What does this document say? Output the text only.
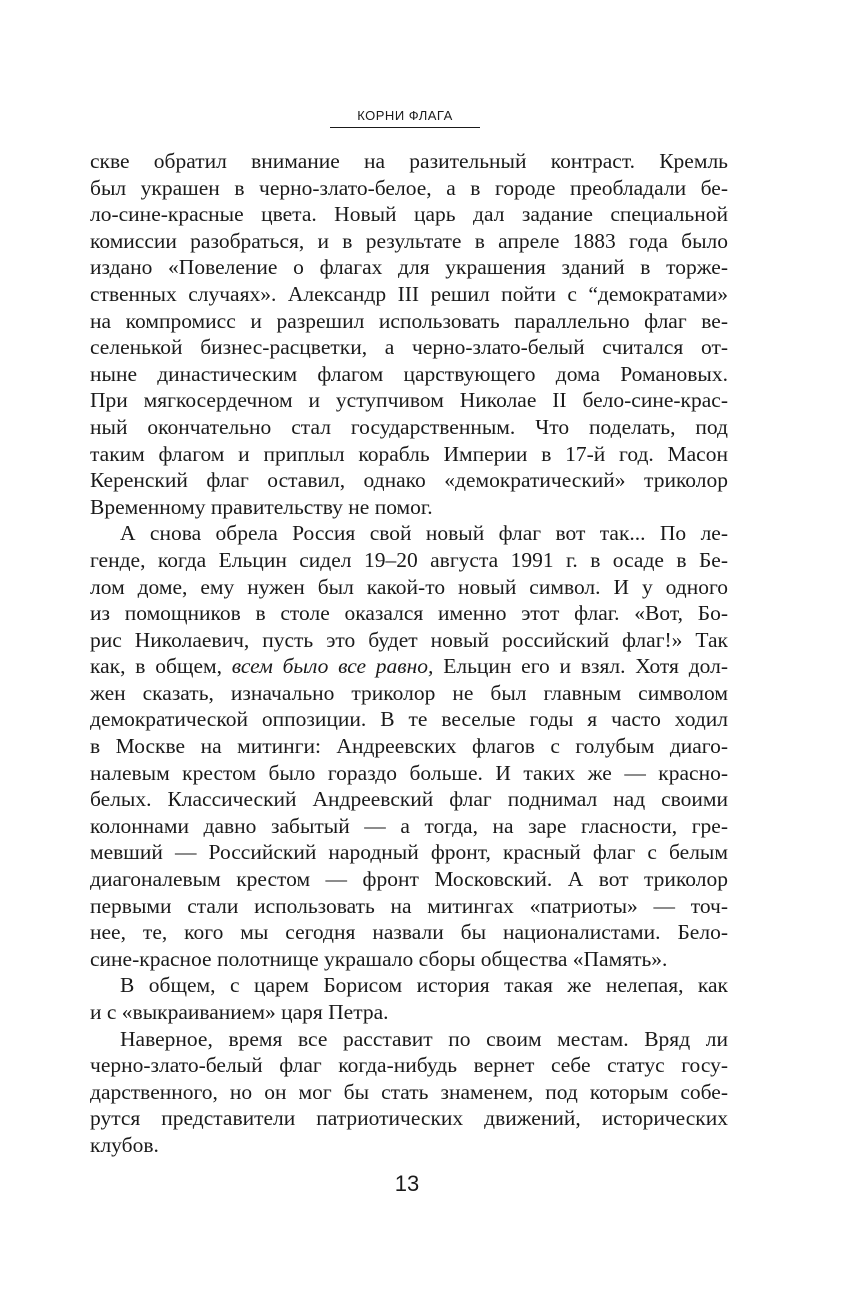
КОРНИ ФЛАГА
скве обратил внимание на разительный контраст. Кремль
был украшен в черно-злато-белое, а в городе преобладали бе-
ло-сине-красные цвета. Новый царь дал задание специальной
комиссии разобраться, и в результате в апреле 1883 года было
издано «Повеление о флагах для украшения зданий в торже-
ственных случаях». Александр III решил пойти с “демократами»
на компромисс и разрешил использовать параллельно флаг ве-
селенькой бизнес-расцветки, а черно-злато-белый считался от-
ныне династическим флагом царствующего дома Романовых.
При мягкосердечном и уступчивом Николае II бело-сине-крас-
ный окончательно стал государственным. Что поделать, под
таким флагом и приплыл корабль Империи в 17-й год. Масон
Керенский флаг оставил, однако «демократический» триколор
Временному правительству не помог.
А снова обрела Россия свой новый флаг вот так... По ле-
генде, когда Ельцин сидел 19–20 августа 1991 г. в осаде в Бе-
лом доме, ему нужен был какой-то новый символ. И у одного
из помощников в столе оказался именно этот флаг. «Вот, Бо-
рис Николаевич, пусть это будет новый российский флаг!» Так
как, в общем, всем было все равно, Ельцин его и взял. Хотя дол-
жен сказать, изначально триколор не был главным символом
демократической оппозиции. В те веселые годы я часто ходил
в Москве на митинги: Андреевских флагов с голубым диаго-
налевым крестом было гораздо больше. И таких же — красно-
белых. Классический Андреевский флаг поднимал над своими
колоннами давно забытый — а тогда, на заре гласности, гре-
мевший — Российский народный фронт, красный флаг с белым
диагоналевым крестом — фронт Московский. А вот триколор
первыми стали использовать на митингах «патриоты» — точ-
нее, те, кого мы сегодня назвали бы националистами. Бело-
сине-красное полотнище украшало сборы общества «Память».
В общем, с царем Борисом история такая же нелепая, как
и с «выкраиванием» царя Петра.
Наверное, время все расставит по своим местам. Вряд ли
черно-злато-белый флаг когда-нибудь вернет себе статус госу-
дарственного, но он мог бы стать знаменем, под которым собе-
рутся представители патриотических движений, исторических
клубов.
13
